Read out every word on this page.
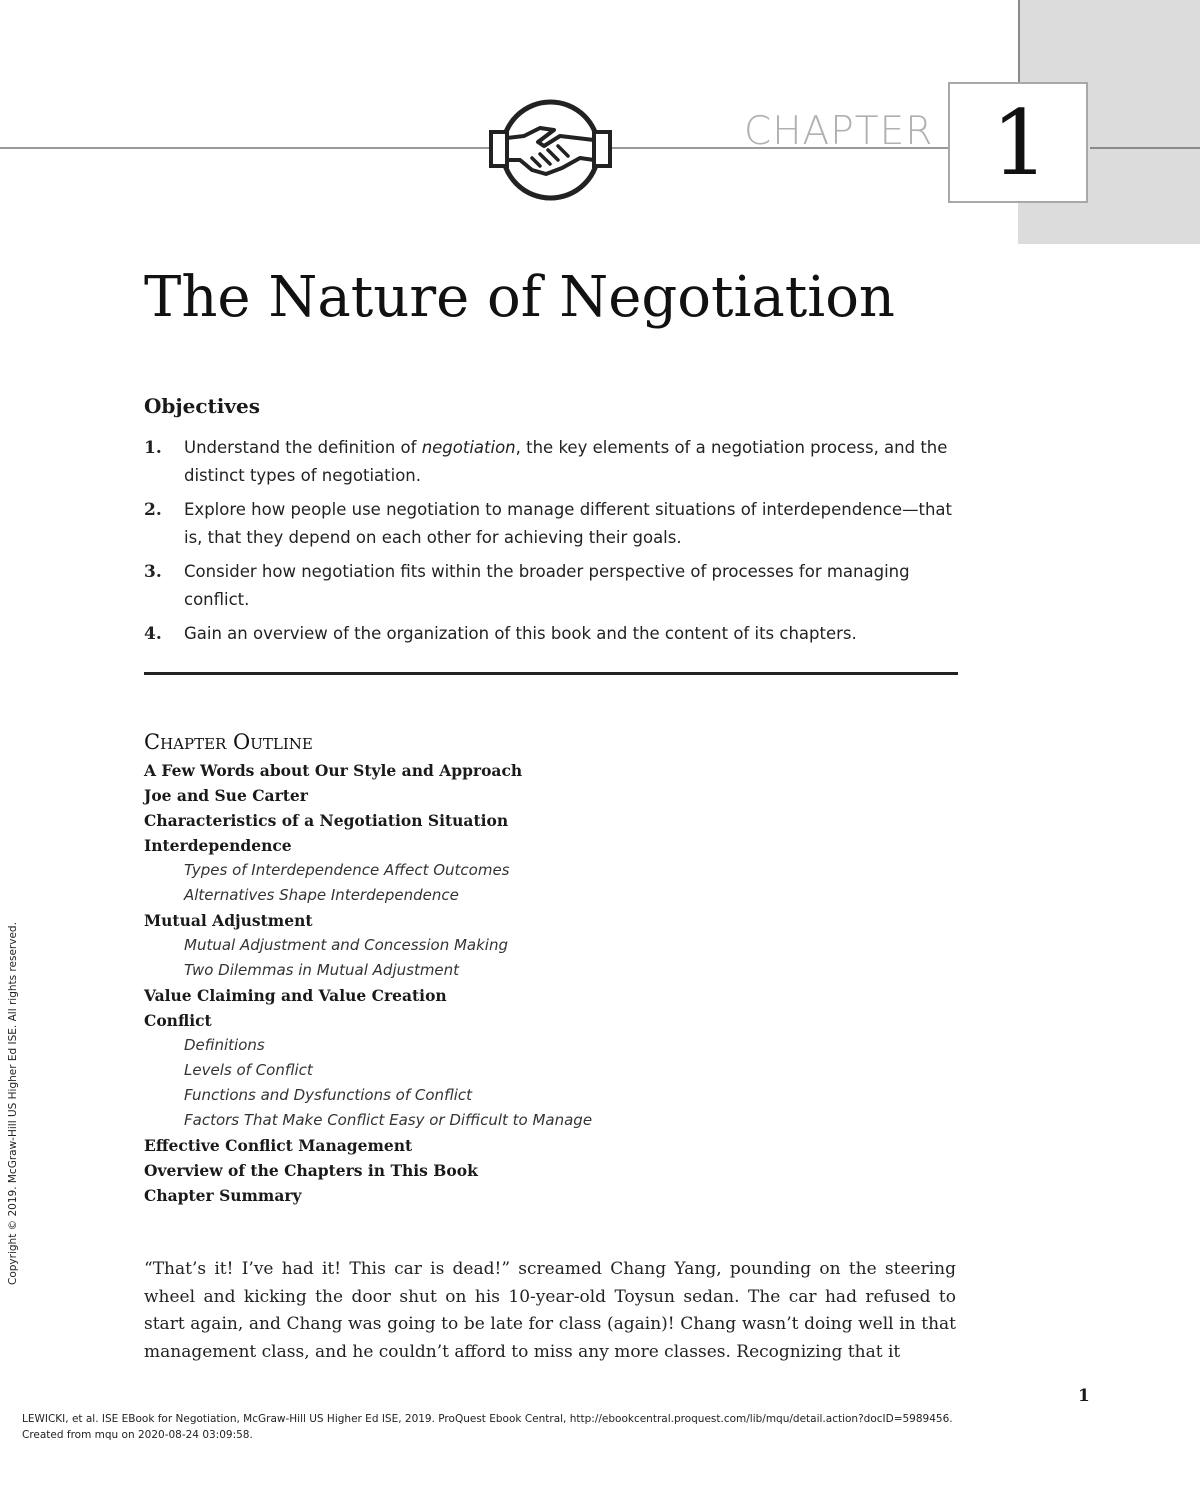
CHAPTER 1
The Nature of Negotiation
Objectives
1. Understand the definition of negotiation, the key elements of a negotiation process, and the distinct types of negotiation.
2. Explore how people use negotiation to manage different situations of interdependence—that is, that they depend on each other for achieving their goals.
3. Consider how negotiation fits within the broader perspective of processes for managing conflict.
4. Gain an overview of the organization of this book and the content of its chapters.
Chapter Outline
A Few Words about Our Style and Approach
Joe and Sue Carter
Characteristics of a Negotiation Situation
Interdependence
Types of Interdependence Affect Outcomes
Alternatives Shape Interdependence
Mutual Adjustment
Mutual Adjustment and Concession Making
Two Dilemmas in Mutual Adjustment
Value Claiming and Value Creation
Conflict
Definitions
Levels of Conflict
Functions and Dysfunctions of Conflict
Factors That Make Conflict Easy or Difficult to Manage
Effective Conflict Management
Overview of the Chapters in This Book
Chapter Summary

“That’s it! I’ve had it! This car is dead!” screamed Chang Yang, pounding on the steering wheel and kicking the door shut on his 10-year-old Toysun sedan. The car had refused to start again, and Chang was going to be late for class (again)! Chang wasn’t doing well in that management class, and he couldn’t afford to miss any more classes. Recognizing that it

1
Copyright © 2019. McGraw-Hill US Higher Ed ISE. All rights reserved.
LEWICKI, et al. ISE EBook for Negotiation, McGraw-Hill US Higher Ed ISE, 2019. ProQuest Ebook Central, http://ebookcentral.proquest.com/lib/mqu/detail.action?docID=5989456.
Created from mqu on 2020-08-24 03:09:58.
